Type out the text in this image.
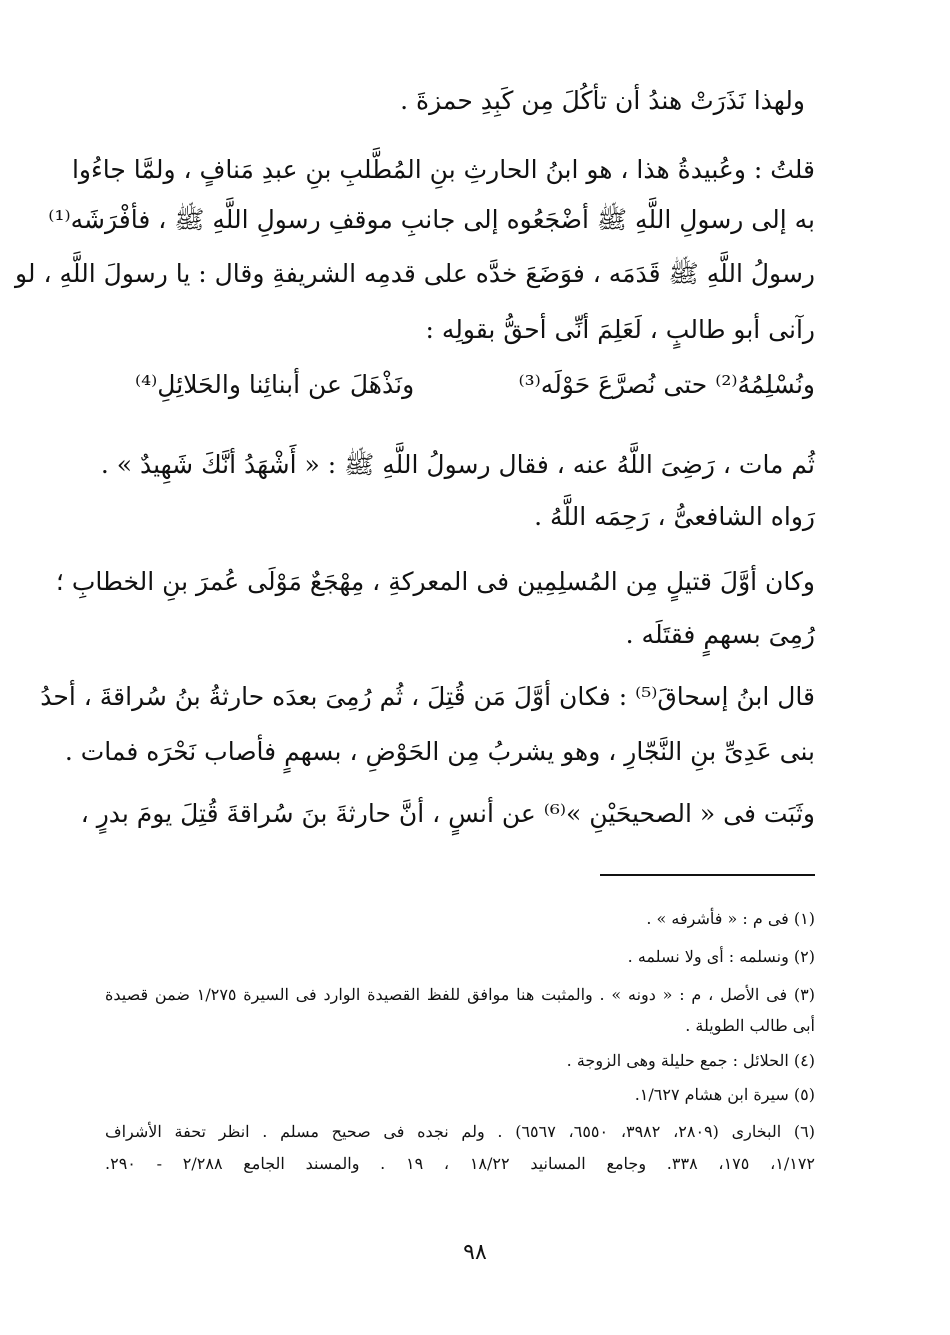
ولهذا نَذَرَتْ هندُ أن تأكُلَ مِن كَبِدِ حمزةَ .
قلتُ : وعُبيدةُ هذا ، هو ابنُ الحارثِ بنِ المُطَّلبِ بنِ عبدِ مَنافٍ ، ولمَّا جاءُوا
به إلى رسولِ اللَّهِ ﷺ أضْجَعُوه إلى جانبِ موقفِ رسولِ اللَّهِ ﷺ ، فأفْرَشَه⁽¹⁾
رسولُ اللَّهِ ﷺ قَدَمَه ، فوَضَعَ خدَّه على قدمِه الشريفةِ وقال : يا رسولَ اللَّهِ ، لو
رآنى أبو طالبٍ ، لَعَلِمَ أنِّى أحقُّ بقولِه :
ونُسْلِمُهُ⁽²⁾ حتى نُصرَّعَ حَوْلَه⁽³⁾
ونَذْهَلَ عن أبنائِنا والحَلائِلِ⁽⁴⁾
ثُم مات ، رَضِىَ اللَّهُ عنه ، فقال رسولُ اللَّهِ ﷺ : « أَشْهَدُ أنَّكَ شَهِيدٌ » .
رَواه الشافعىُّ ، رَحِمَه اللَّهُ .
وكان أوَّلَ قتيلٍ مِن المُسلِمِين فى المعركةِ ، مِهْجَعٌ مَوْلَى عُمرَ بنِ الخطابِ ؛
رُمِىَ بسهمٍ فقتَلَه .
قال ابنُ إسحاقَ⁽⁵⁾ : فكان أوَّلَ مَن قُتِلَ ، ثُم رُمِىَ بعدَه حارثةُ بنُ سُراقةَ ، أحدُ
بنى عَدِىِّ بنِ النَّجّارِ ، وهو يشربُ مِن الحَوْضِ ، بسهمٍ فأصاب نَحْرَه فمات .
وثَبَت فى « الصحيحَيْنِ »⁽⁶⁾ عن أنسٍ ، أنَّ حارثةَ بنَ سُراقةَ قُتِلَ يومَ بدرٍ ،
(١) فى م : « فأشرفه » .
(٢) ونسلمه : أى ولا نسلمه .
(٣) فى الأصل ، م : « دونه » . والمثبت هنا موافق للفظ القصيدة الوارد فى السيرة ١/٢٧٥ ضمن قصيدة
أبى طالب الطويلة .
(٤) الحلائل : جمع حليلة وهى الزوجة .
(٥) سيرة ابن هشام ١/٦٢٧.
(٦) البخارى (٢٨٠٩، ٣٩٨٢، ٦٥٥٠، ٦٥٦٧) . ولم نجده فى صحيح مسلم . انظر تحفة الأشراف
١/١٧٢، ١٧٥، ٣٣٨. وجامع المسانيد ١٨/٢٢ ، ١٩ . والمسند الجامع ٢/٢٨٨ - ٢٩٠.
٩٨
